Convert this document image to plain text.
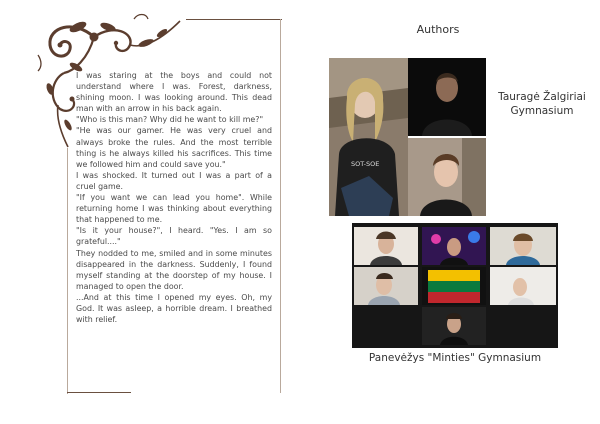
I was staring at the boys and could not understand where I was. Forest, darkness, shining moon. I was looking around. This dead man with an arrow in his back again.

"Who is this man? Why did he want to kill me?"

"He was our gamer. He was very cruel and always broke the rules. And the most terrible thing is he always killed his sacrifices. This time we followed him and could save you."

I was shocked. It turned out I was a part of a cruel game.

"If you want we can lead you home". While returning home I was thinking about everything that happened to me.

"Is it your house?", I heard. "Yes. I am so grateful...."

They nodded to me, smiled and in some minutes disappeared in the darkness. Suddenly, I found myself standing at the doorstep of my house. I managed to open the door.

...And at this time I opened my eyes. Oh, my God. It was asleep, a horrible dream. I breathed with relief.

Authors
SOT-SOE
Tauragė Žalgiriai
Gymnasium
Panevėžys "Minties" Gymnasium
